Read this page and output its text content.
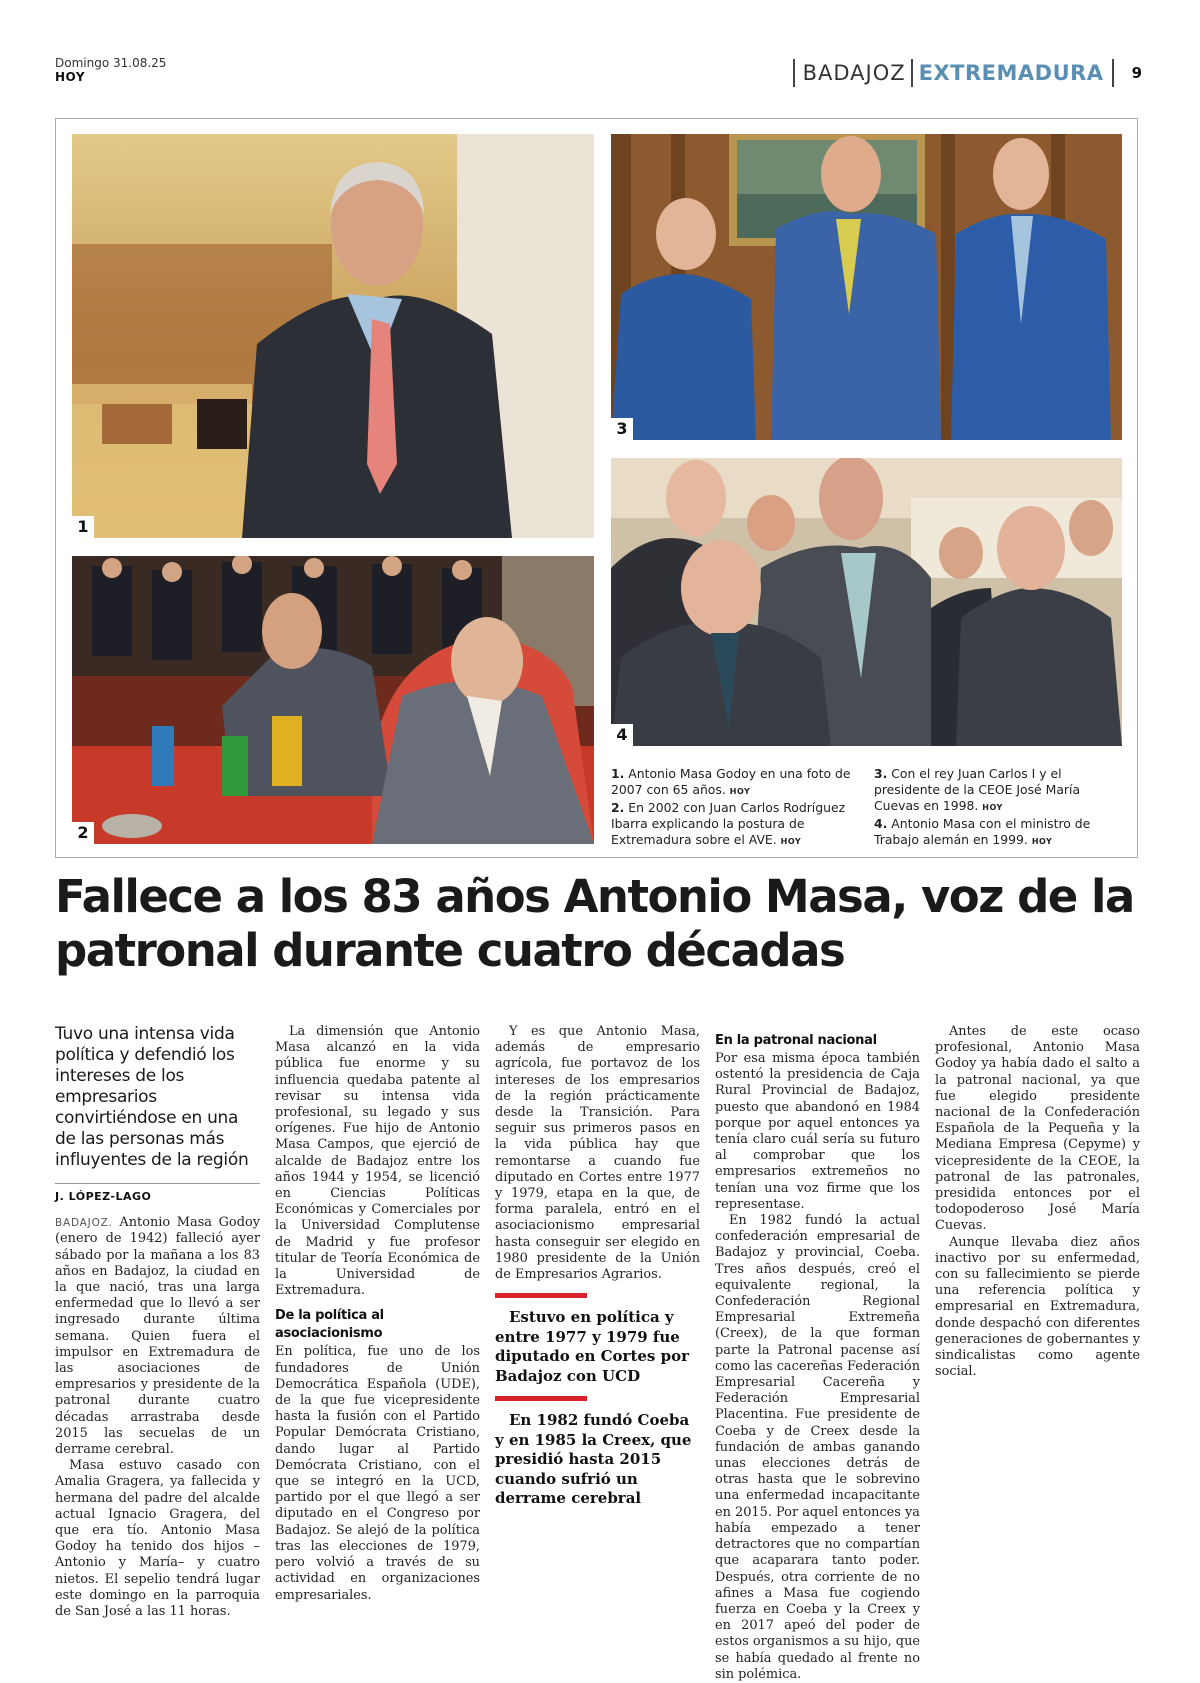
Domingo 31.08.25
HOY	BADAJOZ EXTREMADURA	9
1
2
3
4

1. Antonio Masa Godoy en una foto de 2007 con 65 años. HOY

2. En 2002 con Juan Carlos Rodríguez Ibarra explicando la postura de Extremadura sobre el AVE. HOY

3. Con el rey Juan Carlos I y el presidente de la CEOE José María Cuevas en 1998. HOY

4. Antonio Masa con el ministro de Trabajo alemán en 1999. HOY

Fallece a los 83 años Antonio Masa, voz de la patronal durante cuatro décadas

Tuvo una intensa vida política y defendió los intereses de los empresarios convirtiéndose en una de las personas más influyentes de la región

J. LÓPEZ-LAGO

BADAJOZ. Antonio Masa Godoy (enero de 1942) falleció ayer sábado por la mañana a los 83 años en Badajoz, la ciudad en la que nació, tras una larga enfermedad que lo llevó a ser ingresado durante última semana. Quien fuera el impulsor en Extremadura de las asociaciones de empresarios y presidente de la patronal durante cuatro décadas arrastraba desde 2015 las secuelas de un derrame cerebral.

Masa estuvo casado con Amalia Gragera, ya fallecida y hermana del padre del alcalde actual Ignacio Gragera, del que era tío. Antonio Masa Godoy ha tenido dos hijos –Antonio y María– y cuatro nietos. El sepelio tendrá lugar este domingo en la parroquia de San José a las 11 horas.

La dimensión que Antonio Masa alcanzó en la vida pública fue enorme y su influencia quedaba patente al revisar su intensa vida profesional, su legado y sus orígenes. Fue hijo de Antonio Masa Campos, que ejerció de alcalde de Badajoz entre los años 1944 y 1954, se licenció en Ciencias Políticas Económicas y Comerciales por la Universidad Complutense de Madrid y fue profesor titular de Teoría Económica de la Universidad de Extremadura.

De la política al asociacionismo

En política, fue uno de los fundadores de Unión Democrática Española (UDE), de la que fue vicepresidente hasta la fusión con el Partido Popular Demócrata Cristiano, dando lugar al Partido Demócrata Cristiano, con el que se integró en la UCD, partido por el que llegó a ser diputado en el Congreso por Badajoz. Se alejó de la política tras las elecciones de 1979, pero volvió a través de su actividad en organizaciones empresariales.

Y es que Antonio Masa, además de empresario agrícola, fue portavoz de los intereses de los empresarios de la región prácticamente desde la Transición. Para seguir sus primeros pasos en la vida pública hay que remontarse a cuando fue diputado en Cortes entre 1977 y 1979, etapa en la que, de forma paralela, entró en el asociacionismo empresarial hasta conseguir ser elegido en 1980 presidente de la Unión de Empresarios Agrarios.

Estuvo en política y entre 1977 y 1979 fue diputado en Cortes por Badajoz con UCD

En 1982 fundó Coeba y en 1985 la Creex, que presidió hasta 2015 cuando sufrió un derrame cerebral

En la patronal nacional

Por esa misma época también ostentó la presidencia de Caja Rural Provincial de Badajoz, puesto que abandonó en 1984 porque por aquel entonces ya tenía claro cuál sería su futuro al comprobar que los empresarios extremeños no tenían una voz firme que los representase.

En 1982 fundó la actual confederación empresarial de Badajoz y provincial, Coeba. Tres años después, creó el equivalente regional, la Confederación Regional Empresarial Extremeña (Creex), de la que forman parte la Patronal pacense así como las cacereñas Federación Empresarial Cacereña y Federación Empresarial Placentina. Fue presidente de Coeba y de Creex desde la fundación de ambas ganando unas elecciones detrás de otras hasta que le sobrevino una enfermedad incapacitante en 2015. Por aquel entonces ya había empezado a tener detractores que no compartían que acaparara tanto poder. Después, otra corriente de no afines a Masa fue cogiendo fuerza en Coeba y la Creex y en 2017 apeó del poder de estos organismos a su hijo, que se había quedado al frente no sin polémica.

Antes de este ocaso profesional, Antonio Masa Godoy ya había dado el salto a la patronal nacional, ya que fue elegido presidente nacional de la Confederación Española de la Pequeña y la Mediana Empresa (Cepyme) y vicepresidente de la CEOE, la patronal de las patronales, presidida entonces por el todopoderoso José María Cuevas.

Aunque llevaba diez años inactivo por su enfermedad, con su fallecimiento se pierde una referencia política y empresarial en Extremadura, donde despachó con diferentes generaciones de gobernantes y sindicalistas como agente social.
